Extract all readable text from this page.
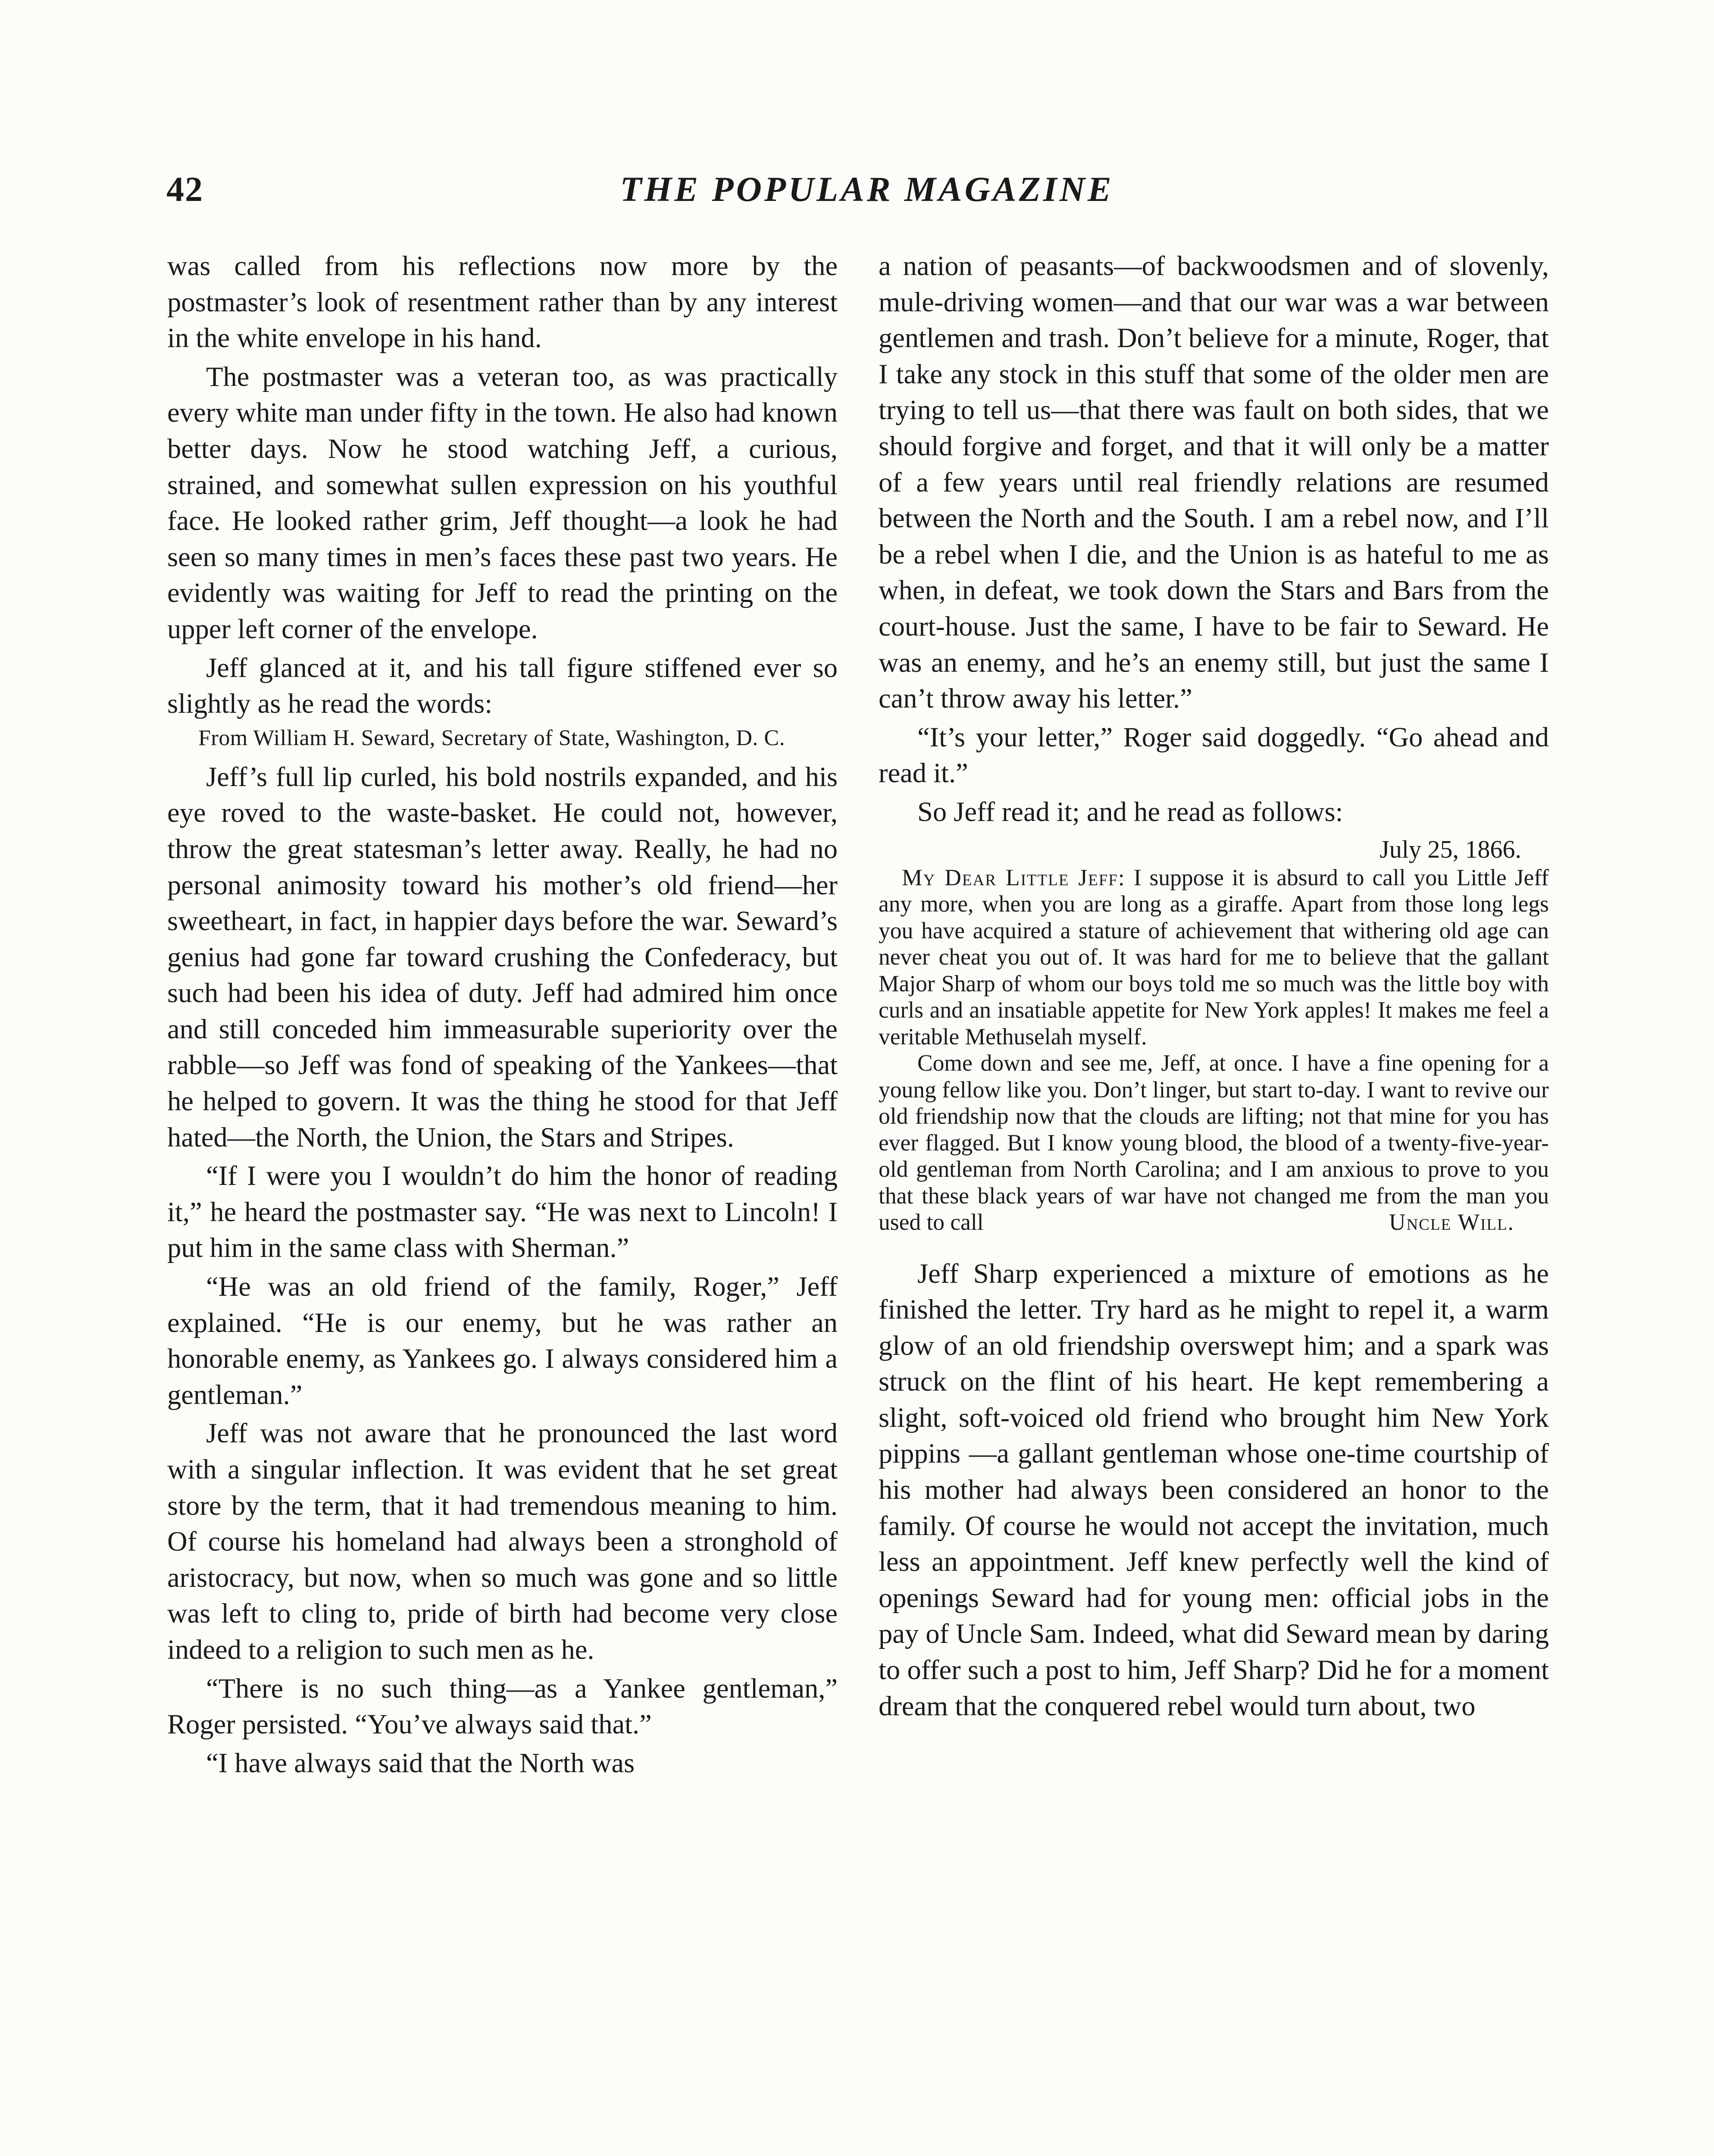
42	THE POPULAR MAGAZINE

was called from his reflections now more by the postmaster’s look of resentment rather than by any interest in the white envelope in his hand.

The postmaster was a veteran too, as was practically every white man under fifty in the town. He also had known better days. Now he stood watching Jeff, a curious, strained, and somewhat sullen expression on his youthful face. He looked rather grim, Jeff thought—a look he had seen so many times in men’s faces these past two years. He evidently was waiting for Jeff to read the printing on the upper left corner of the envelope.

Jeff glanced at it, and his tall figure stiffened ever so slightly as he read the words:

From William H. Seward, Secretary of State, Washington, D. C.

Jeff’s full lip curled, his bold nostrils expanded, and his eye roved to the waste-basket. He could not, however, throw the great statesman’s letter away. Really, he had no personal animosity toward his mother’s old friend—her sweetheart, in fact, in happier days before the war. Seward’s genius had gone far toward crushing the Confederacy, but such had been his idea of duty. Jeff had admired him once and still conceded him immeasurable superiority over the rabble—so Jeff was fond of speaking of the Yankees—that he helped to govern. It was the thing he stood for that Jeff hated—the North, the Union, the Stars and Stripes.

“If I were you I wouldn’t do him the honor of reading it,” he heard the postmaster say. “He was next to Lincoln! I put him in the same class with Sherman.”

“He was an old friend of the family, Roger,” Jeff explained. “He is our enemy, but he was rather an honorable enemy, as Yankees go. I always considered him a gentleman.”

Jeff was not aware that he pronounced the last word with a singular inflection. It was evident that he set great store by the term, that it had tremendous meaning to him. Of course his homeland had always been a stronghold of aristocracy, but now, when so much was gone and so little was left to cling to, pride of birth had become very close indeed to a religion to such men as he.

“There is no such thing—as a Yankee gentleman,” Roger persisted. “You’ve always said that.”

“I have always said that the North was

a nation of peasants—of backwoodsmen and of slovenly, mule-driving women—and that our war was a war between gentlemen and trash. Don’t believe for a minute, Roger, that I take any stock in this stuff that some of the older men are trying to tell us—that there was fault on both sides, that we should forgive and forget, and that it will only be a matter of a few years until real friendly relations are resumed between the North and the South. I am a rebel now, and I’ll be a rebel when I die, and the Union is as hateful to me as when, in defeat, we took down the Stars and Bars from the court-house. Just the same, I have to be fair to Seward. He was an enemy, and he’s an enemy still, but just the same I can’t throw away his letter.”

“It’s your letter,” Roger said doggedly. “Go ahead and read it.”

So Jeff read it; and he read as follows:

July 25, 1866.

My Dear Little Jeff: I suppose it is absurd to call you Little Jeff any more, when you are long as a giraffe. Apart from those long legs you have acquired a stature of achievement that withering old age can never cheat you out of. It was hard for me to believe that the gallant Major Sharp of whom our boys told me so much was the little boy with curls and an insatiable appetite for New York apples! It makes me feel a veritable Methuselah myself.

Come down and see me, Jeff, at once. I have a fine opening for a young fellow like you. Don’t linger, but start to-day. I want to revive our old friendship now that the clouds are lifting; not that mine for you has ever flagged. But I know young blood, the blood of a twenty-five-year-old gentleman from North Carolina; and I am anxious to prove to you that these black years of war have not changed me from the man you used to call	Uncle Will.

Jeff Sharp experienced a mixture of emotions as he finished the letter. Try hard as he might to repel it, a warm glow of an old friendship overswept him; and a spark was struck on the flint of his heart. He kept remembering a slight, soft-voiced old friend who brought him New York pippins —a gallant gentleman whose one-time courtship of his mother had always been considered an honor to the family. Of course he would not accept the invitation, much less an appointment. Jeff knew perfectly well the kind of openings Seward had for young men: official jobs in the pay of Uncle Sam. Indeed, what did Seward mean by daring to offer such a post to him, Jeff Sharp? Did he for a moment dream that the conquered rebel would turn about, two
